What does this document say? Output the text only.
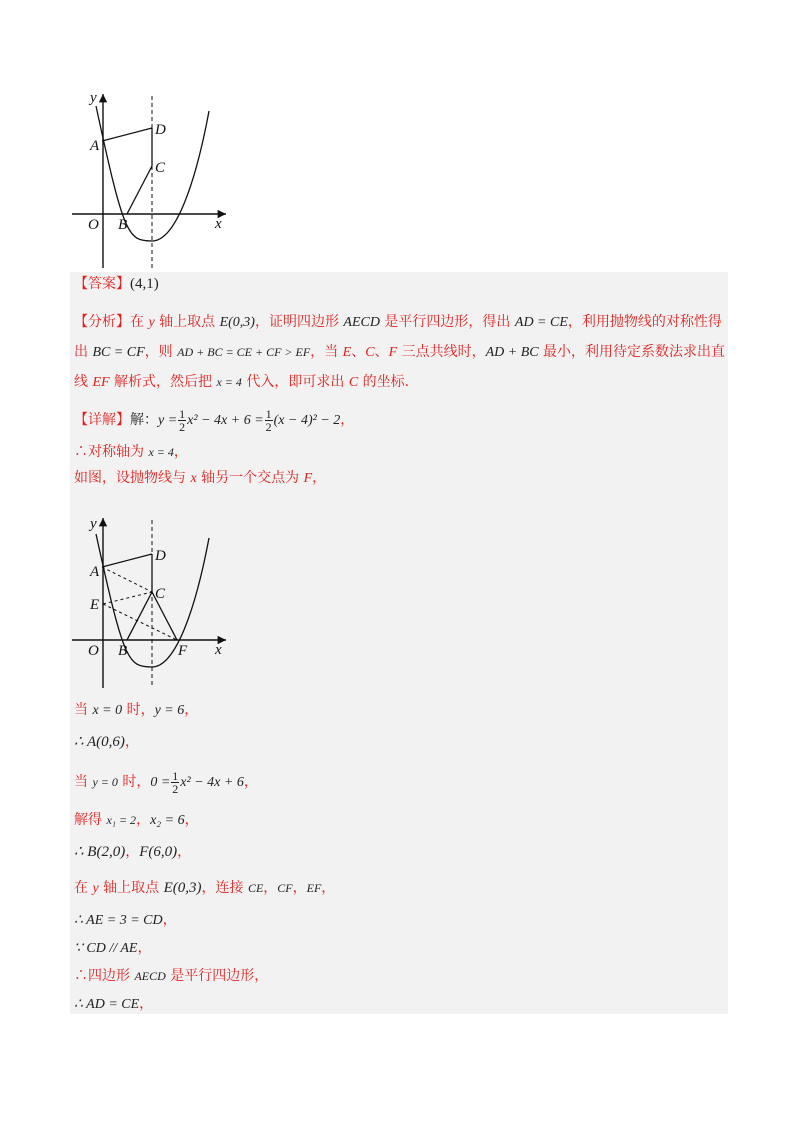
y
x
O
A
B
C
D
【答案】(4,1)
【分析】在 y 轴上取点 E(0,3)，证明四边形 AECD 是平行四边形，得出 AD = CE，利用抛物线的对称性得
出 BC = CF，则 AD + BC = CE + CF > EF，当 E、C、F 三点共线时，AD + BC 最小，利用待定系数法求出直
线 EF 解析式，然后把 x = 4 代入，即可求出 C 的坐标．
【详解】解：$y = \frac{1}{2} x^2 - 4x + 6 = \frac{1}{2} (x - 4)^2 - 2$，
∴对称轴为 x = 4，
如图，设抛物线与 x 轴另一个交点为 F，
y
x
O
A
E
B
C
D
F
当 x = 0 时，y = 6，
∴ A(0,6)，
当 y = 0 时，$0 = \frac{1}{2} x^2 - 4x + 6$，
解得 x₁ = 2，x₂ = 6，
∴ B(2,0)，F(6,0)，
在 y 轴上取点 E(0,3)，连接 CE，CF，EF，
∴ AE = 3 = CD，
∵ CD // AE，
∴四边形 AECD 是平行四边形，
∴ AD = CE，
